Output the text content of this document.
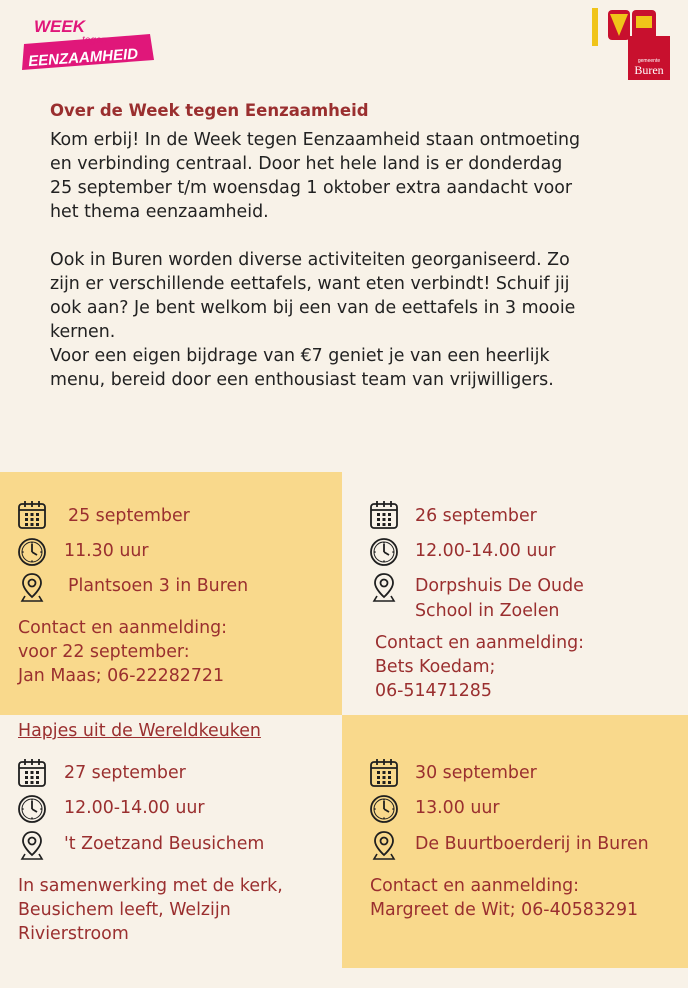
WEEK
tegen
EENZAAMHEID	gemeente
Buren
Over de Week tegen Eenzaamheid

Kom erbij! In de Week tegen Eenzaamheid staan ontmoeting

en verbinding centraal. Door het hele land is er donderdag

25 september t/m woensdag 1 oktober extra aandacht voor

het thema eenzaamheid.

Ook in Buren worden diverse activiteiten georganiseerd. Zo

zijn er verschillende eettafels, want eten verbindt! Schuif jij

ook aan? Je bent welkom bij een van de eettafels in 3 mooie

kernen.

Voor een eigen bijdrage van €7 geniet je van een heerlijk

menu, bereid door een enthousiast team van vrijwilligers.

25 september
11.30 uur
Plantsoen 3 in Buren
Contact en aanmelding:
voor 22 september:
Jan Maas; 06-22282721
26 september
12.00-14.00 uur
Dorpshuis De Oude
School in Zoelen
Contact en aanmelding:
Bets Koedam;
06-51471285
Hapjes uit de Wereldkeuken
27 september
12.00-14.00 uur
't Zoetzand Beusichem
In samenwerking met de kerk,
Beusichem leeft, Welzijn
Rivierstroom
30 september
13.00 uur
De Buurtboerderij in Buren
Contact en aanmelding:
Margreet de Wit; 06-40583291
